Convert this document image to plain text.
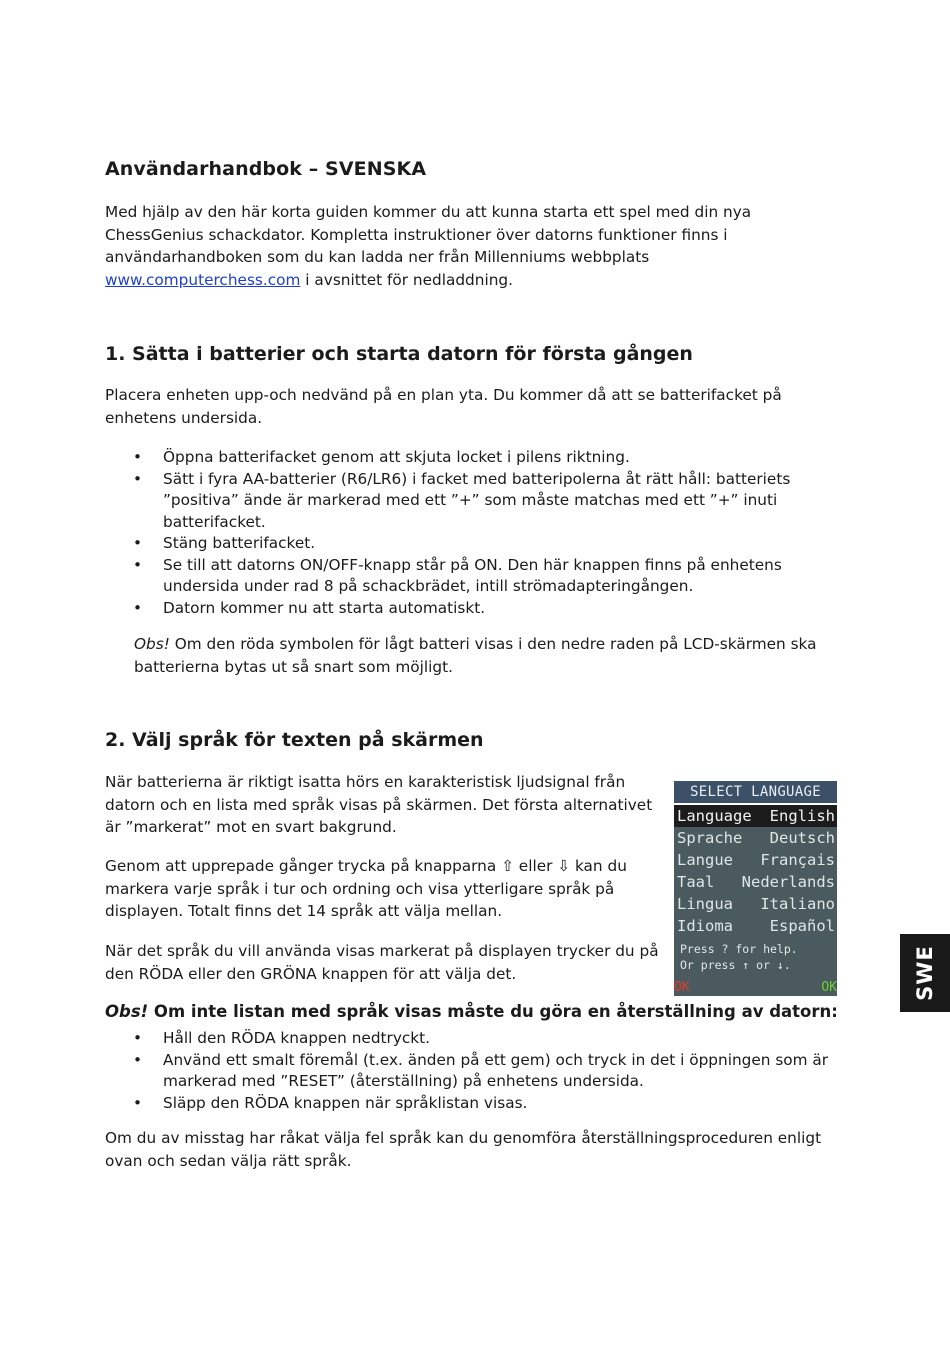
Användarhandbok – SVENSKA

Med hjälp av den här korta guiden kommer du att kunna starta ett spel med din nya ChessGenius schackdator. Kompletta instruktioner över datorns funktioner finns i användarhandboken som du kan ladda ner från Millenniums webbplats www.computerchess.com i avsnittet för nedladdning.

1. Sätta i batterier och starta datorn för första gången

Placera enheten upp-och nedvänd på en plan yta. Du kommer då att se batterifacket på enhetens undersida.

• Öppna batterifacket genom att skjuta locket i pilens riktning.
• Sätt i fyra AA-batterier (R6/LR6) i facket med batteripolerna åt rätt håll: batteriets ”positiva” ände är markerad med ett ”+” som måste matchas med ett ”+” inuti batterifacket.
• Stäng batterifacket.
• Se till att datorns ON/OFF-knapp står på ON. Den här knappen finns på enhetens undersida under rad 8 på schackbrädet, intill strömadapteringången.
• Datorn kommer nu att starta automatiskt.

Obs! Om den röda symbolen för lågt batteri visas i den nedre raden på LCD-skärmen ska batterierna bytas ut så snart som möjligt.

2. Välj språk för texten på skärmen

När batterierna är riktigt isatta hörs en karakteristisk ljudsignal från datorn och en lista med språk visas på skärmen. Det första alternativet är ”markerat” mot en svart bakgrund.

Genom att upprepade gånger trycka på knapparna ⇧ eller ⇩ kan du markera varje språk i tur och ordning och visa ytterligare språk på displayen. Totalt finns det 14 språk att välja mellan.

När det språk du vill använda visas markerat på displayen trycker du på den RÖDA eller den GRÖNA knappen för att välja det.

Obs! Om inte listan med språk visas måste du göra en återställning av datorn:

• Håll den RÖDA knappen nedtryckt.
• Använd ett smalt föremål (t.ex. änden på ett gem) och tryck in det i öppningen som är markerad med ”RESET” (återställning) på enhetens undersida.
• Släpp den RÖDA knappen när språklistan visas.

Om du av misstag har råkat välja fel språk kan du genomföra återställningsproceduren enligt ovan och sedan välja rätt språk.

SELECT LANGUAGE
Language English
Sprache Deutsch
Langue Français
Taal Nederlands
Lingua Italiano
Idioma Español
Press ? for help.
Or press ↑ or ↓.
OK	OK	SWE
